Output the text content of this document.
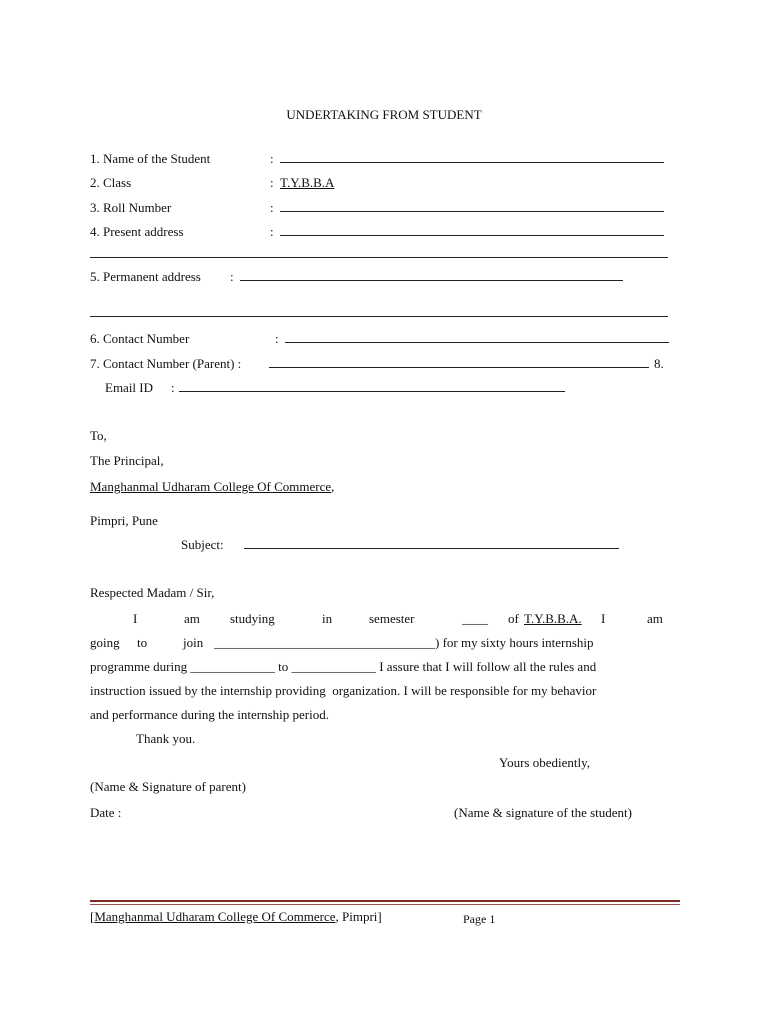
UNDERTAKING FROM STUDENT
1. Name of the Student	:
2. Class	: T.Y.B.B.A
3. Roll Number	:
4. Present address	:
5. Permanent address :
6. Contact Number	:
7. Contact Number (Parent) :	8.
Email ID :
To,
The Principal,
Manghanmal Udharam College Of Commerce,
Pimpri, Pune
Subject:
Respected Madam / Sir,
I	am studying	in	semester	____ of T.Y.B.B.A. I	am
going to	join __________________________________) for my sixty hours internship
programme during _____________ to _____________ I assure that I will follow all the rules and
instruction issued by the internship providing  organization. I will be responsible for my behavior
and performance during the internship period.
Thank you.
Yours obediently,
(Name & Signature of parent)
Date :	(Name & signature of the student)
[Manghanmal Udharam College Of Commerce, Pimpri]	Page 1
